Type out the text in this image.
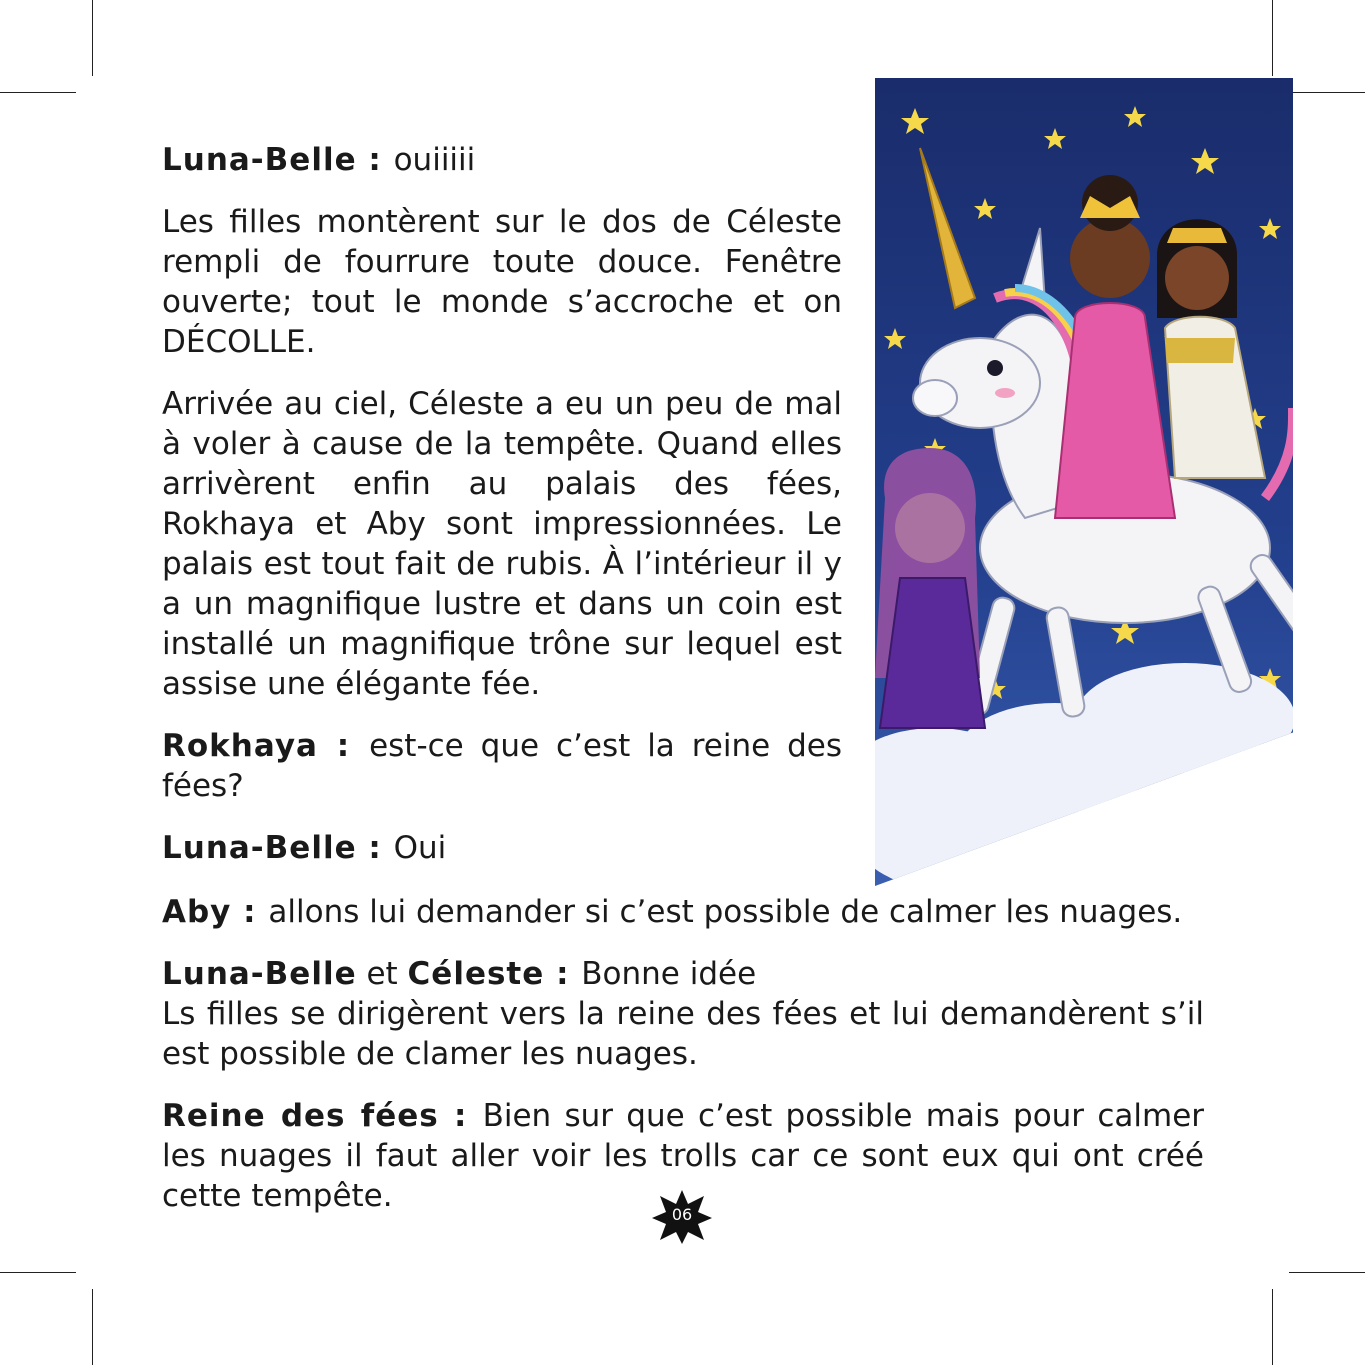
Luna-Belle : ouiiiii

Les filles montèrent sur le dos de Céleste rempli de fourrure toute douce. Fenêtre ouverte; tout le monde s’accroche et on DÉCOLLE.

Arrivée au ciel, Céleste a eu un peu de mal à voler à cause de la tempête. Quand elles arrivèrent enfin au palais des fées, Rokhaya et Aby sont impressionnées. Le palais est tout fait de rubis. À l’intérieur il y a un magnifique lustre et dans un coin est installé un magnifique trône sur lequel est assise une élégante fée.

Rokhaya : est-ce que c’est la reine des fées?

Luna-Belle : Oui

Aby : allons lui demander si c’est possible de calmer les nuages.

Luna-Belle et Céleste : Bonne idée

Ls filles se dirigèrent vers la reine des fées et lui demandèrent s’il est possible de clamer les nuages.

Reine des fées : Bien sur que c’est possible mais pour calmer les nuages il faut aller voir les trolls car ce sont eux qui ont créé cette tempête.

06
